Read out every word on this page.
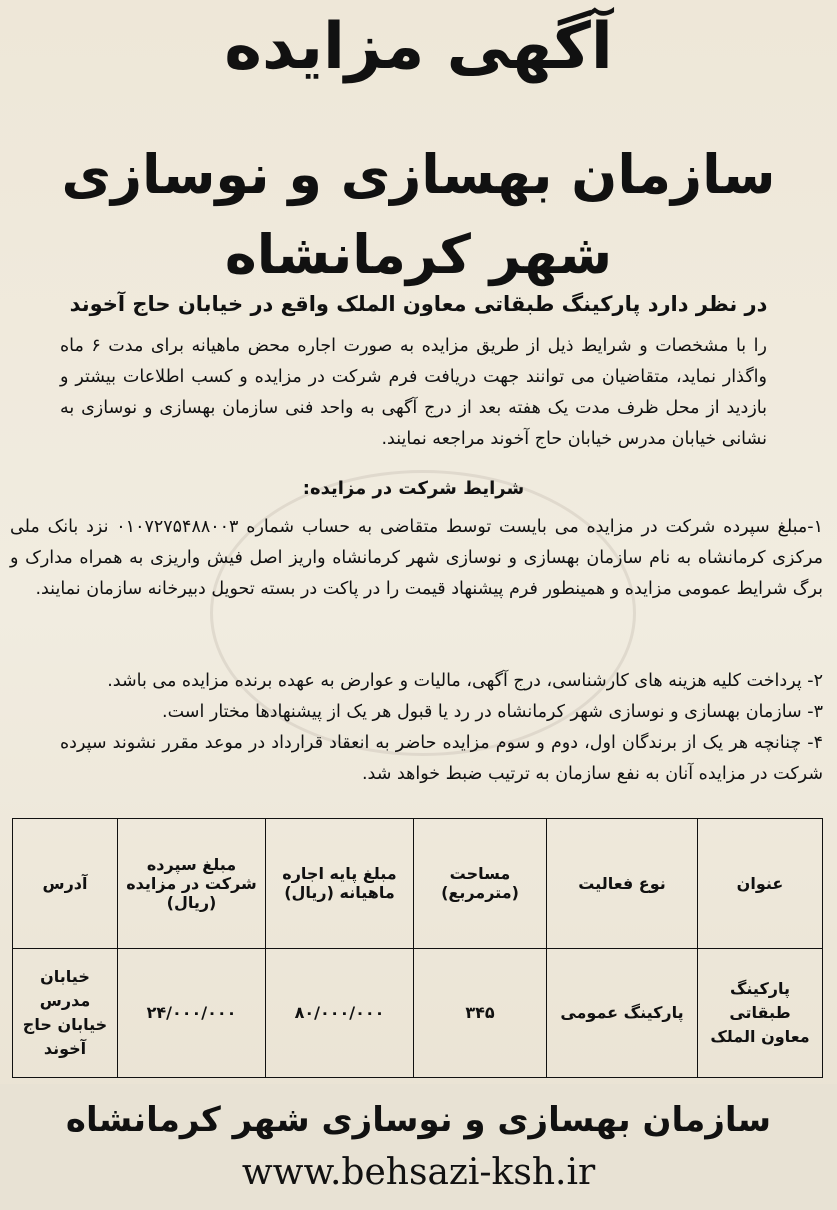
آگهی مزایده
سازمان بهسازی و نوسازی
شهر کرمانشاه
در نظر دارد پارکینگ طبقاتی معاون الملک واقع در خیابان حاج آخوند
را با مشخصات و شرایط ذیل از طریق مزایده به صورت اجاره محض ماهیانه برای مدت ۶ ماه واگذار نماید، متقاضیان می توانند جهت دریافت فرم شرکت در مزایده و کسب اطلاعات بیشتر و بازدید از محل ظرف مدت یک هفته بعد از درج آگهی به واحد فنی سازمان بهسازی و نوسازی به نشانی خیابان مدرس خیابان حاج آخوند مراجعه نمایند.
شرایط شرکت در مزایده:
۱-مبلغ سپرده شرکت در مزایده می بایست توسط متقاضی به حساب شماره ۰۱۰۷۲۷۵۴۸۸۰۰۳ نزد بانک ملی مرکزی کرمانشاه به نام سازمان بهسازی و نوسازی شهر کرمانشاه واریز اصل فیش واریزی به همراه مدارک و برگ شرایط عمومی مزایده و همینطور فرم پیشنهاد قیمت را در پاکت در بسته تحویل دبیرخانه سازمان نمایند.
۲- پرداخت کلیه هزینه های کارشناسی، درج آگهی، مالیات و عوارض به عهده برنده مزایده می باشد.
۳- سازمان بهسازی و نوسازی شهر کرمانشاه در رد یا قبول هر یک از پیشنهادها مختار است.
۴- چنانچه هر یک از برندگان اول، دوم و سوم مزایده حاضر به انعقاد قرارداد در موعد مقرر نشوند سپرده شرکت در مزایده آنان به نفع سازمان به ترتیب ضبط خواهد شد.
عنوان	نوع فعالیت	مساحت (مترمربع)	مبلغ پایه اجاره ماهیانه (ریال)	مبلغ سپرده شرکت در مزایده (ریال)	آدرس
پارکینگ طبقاتی معاون الملک	پارکینگ عمومی	۳۴۵	۸۰/۰۰۰/۰۰۰	۲۴/۰۰۰/۰۰۰	خیابان مدرس خیابان حاج آخوند
سازمان بهسازی و نوسازی شهر کرمانشاه
www.behsazi-ksh.ir
